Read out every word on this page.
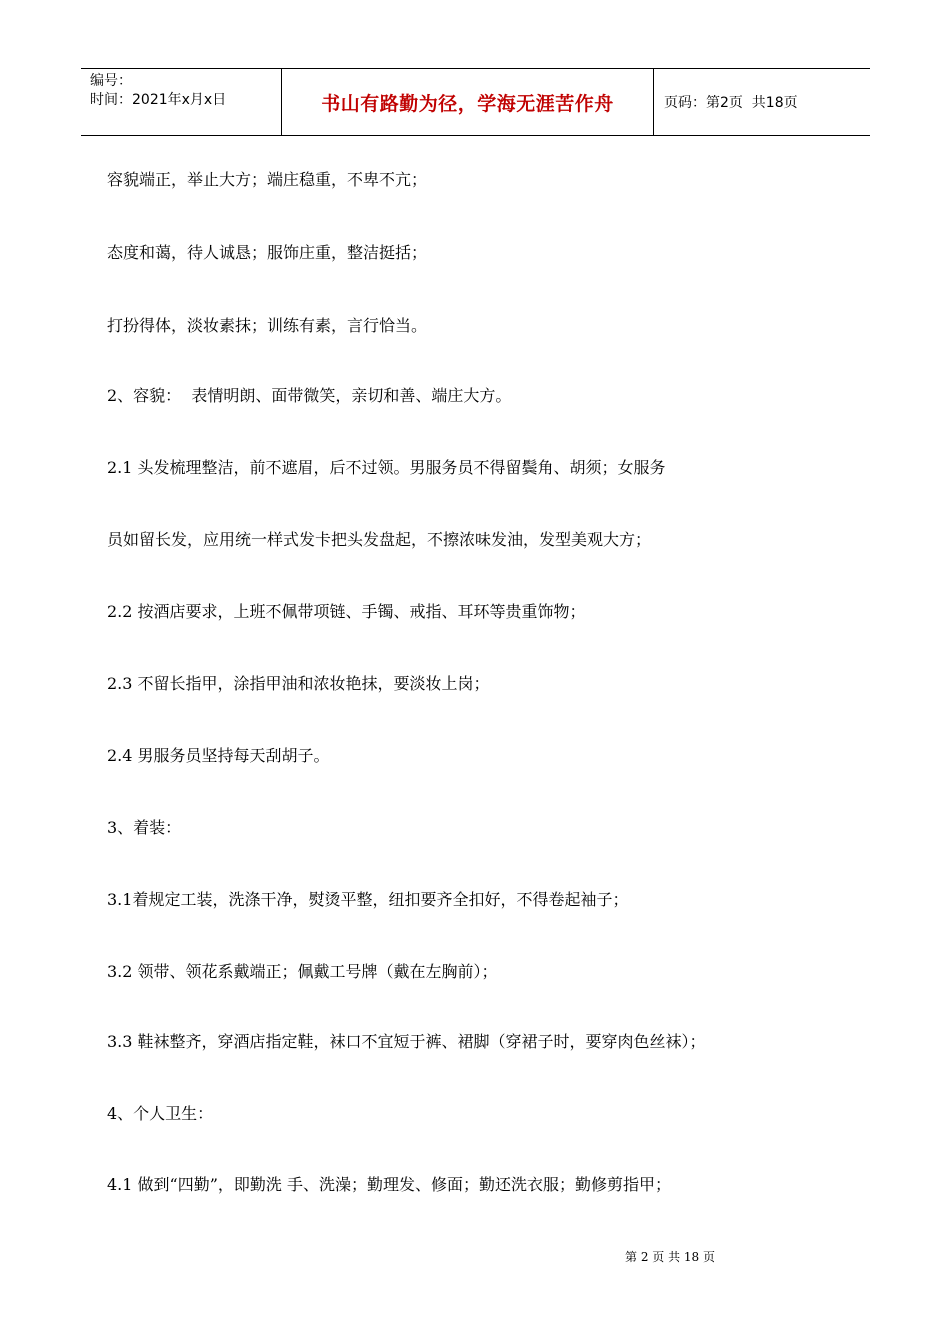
编号：
时间：2021年x月x日	书山有路勤为径，学海无涯苦作舟	页码：第2页  共18页
容貌端正，举止大方；端庄稳重，不卑不亢；
态度和蔼，待人诚恳；服饰庄重，整洁挺括；
打扮得体，淡妆素抹；训练有素，言行恰当。
2、容貌：  表情明朗、面带微笑，亲切和善、端庄大方。
2.1 头发梳理整洁，前不遮眉，后不过领。男服务员不得留鬓角、胡须；女服务
员如留长发，应用统一样式发卡把头发盘起，不擦浓味发油，发型美观大方；
2.2 按酒店要求，上班不佩带项链、手镯、戒指、耳环等贵重饰物；
2.3 不留长指甲，涂指甲油和浓妆艳抹，要淡妆上岗；
2.4 男服务员坚持每天刮胡子。
3、着装：
3.1着规定工装，洗涤干净，熨烫平整，纽扣要齐全扣好，不得卷起袖子；
3.2 领带、领花系戴端正；佩戴工号牌（戴在左胸前）；
3.3 鞋袜整齐，穿酒店指定鞋，袜口不宜短于裤、裙脚（穿裙子时，要穿肉色丝袜）；
4、个人卫生：
4.1 做到“四勤”，即勤洗 手、洗澡；勤理发、修面；勤还洗衣服；勤修剪指甲；
第 2 页 共 18 页
